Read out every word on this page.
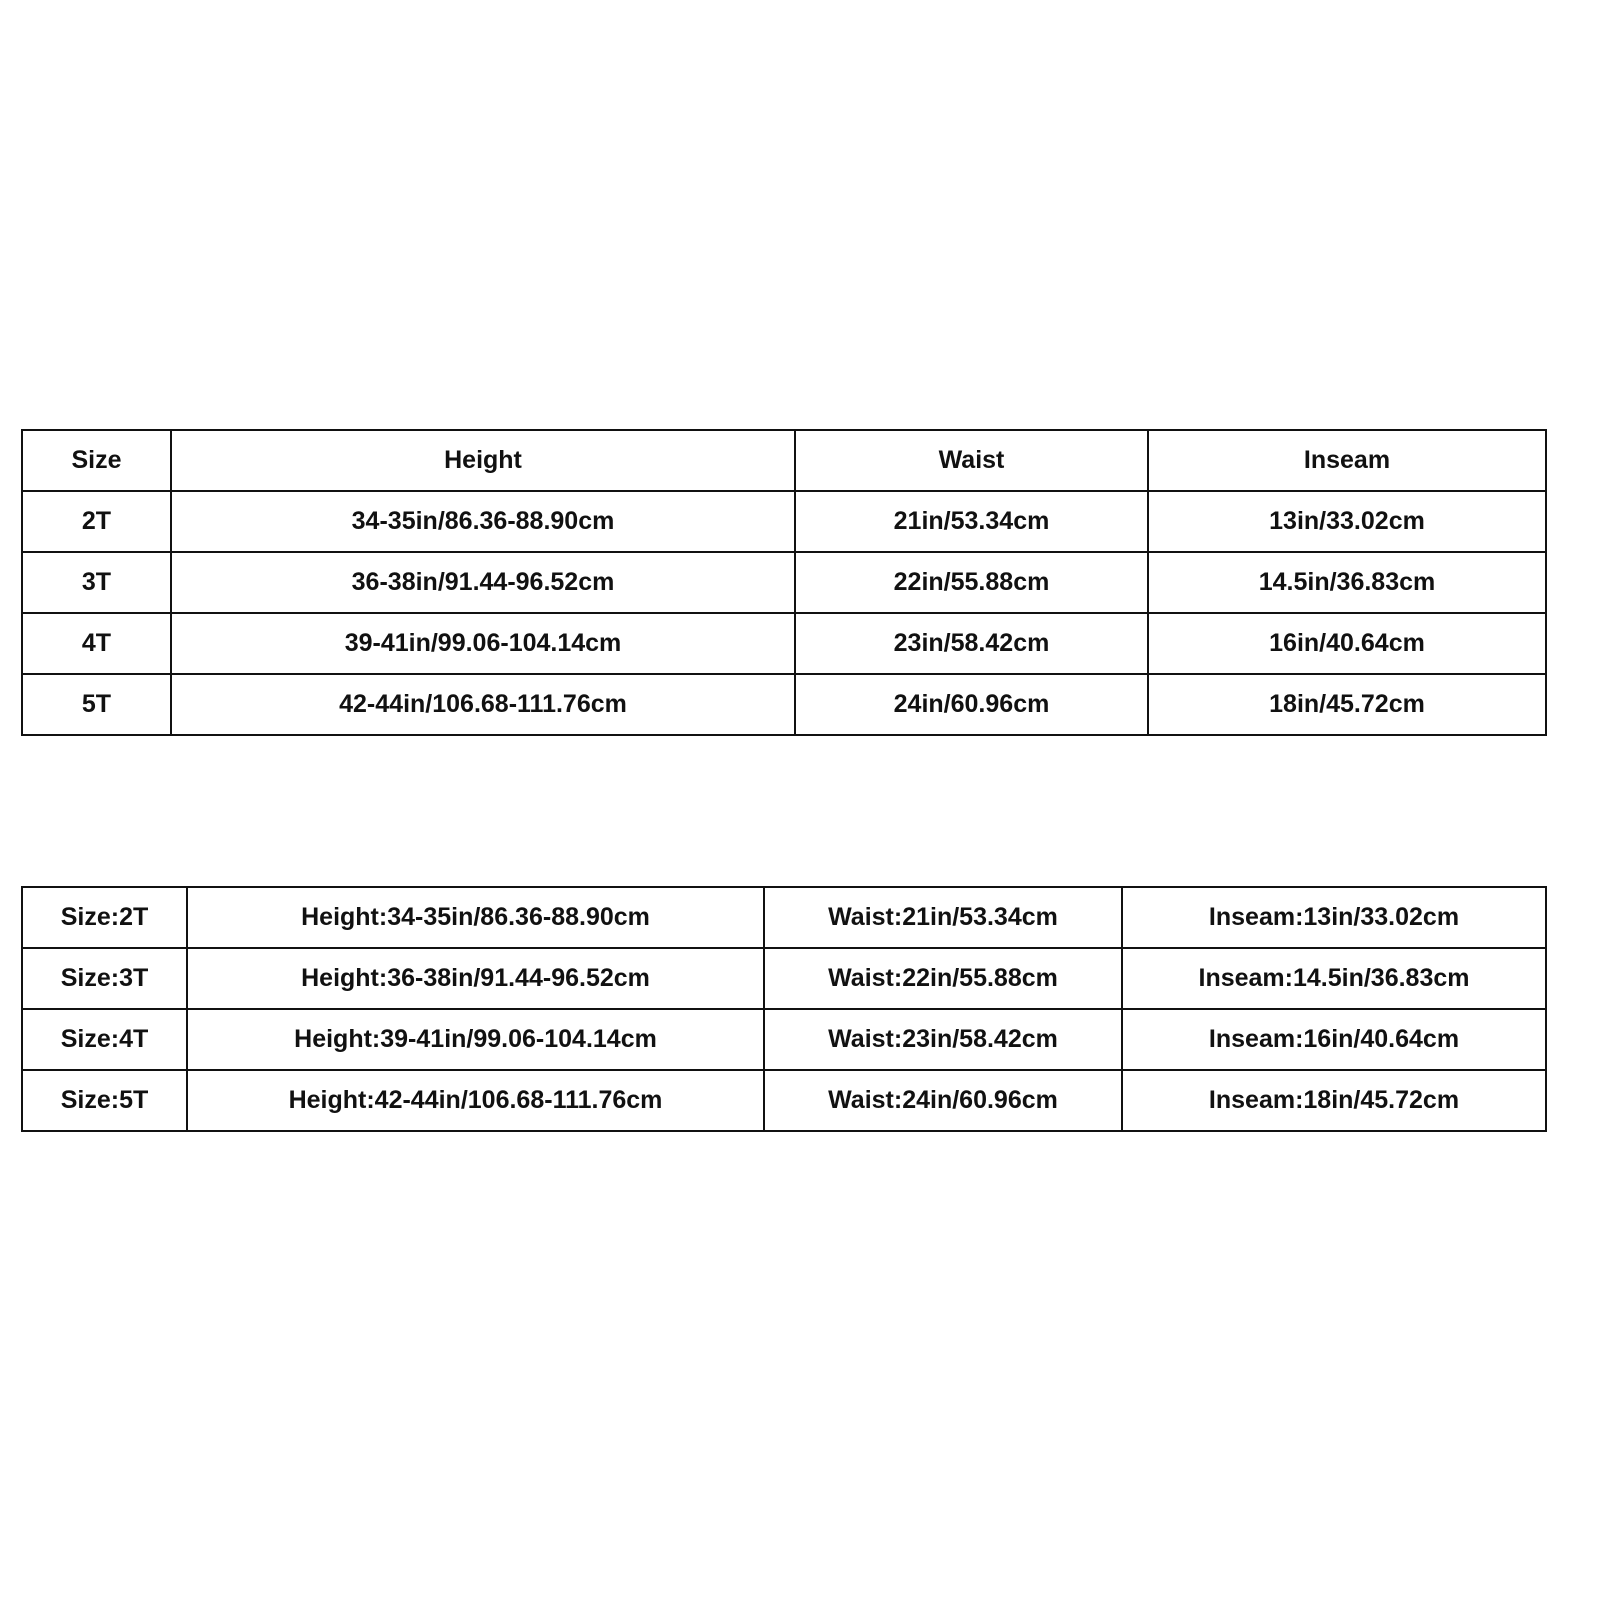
Size	Height	Waist	Inseam
2T	34-35in/86.36-88.90cm	21in/53.34cm	13in/33.02cm
3T	36-38in/91.44-96.52cm	22in/55.88cm	14.5in/36.83cm
4T	39-41in/99.06-104.14cm	23in/58.42cm	16in/40.64cm
5T	42-44in/106.68-111.76cm	24in/60.96cm	18in/45.72cm
Size:2T	Height:34-35in/86.36-88.90cm	Waist:21in/53.34cm	Inseam:13in/33.02cm
Size:3T	Height:36-38in/91.44-96.52cm	Waist:22in/55.88cm	Inseam:14.5in/36.83cm
Size:4T	Height:39-41in/99.06-104.14cm	Waist:23in/58.42cm	Inseam:16in/40.64cm
Size:5T	Height:42-44in/106.68-111.76cm	Waist:24in/60.96cm	Inseam:18in/45.72cm
